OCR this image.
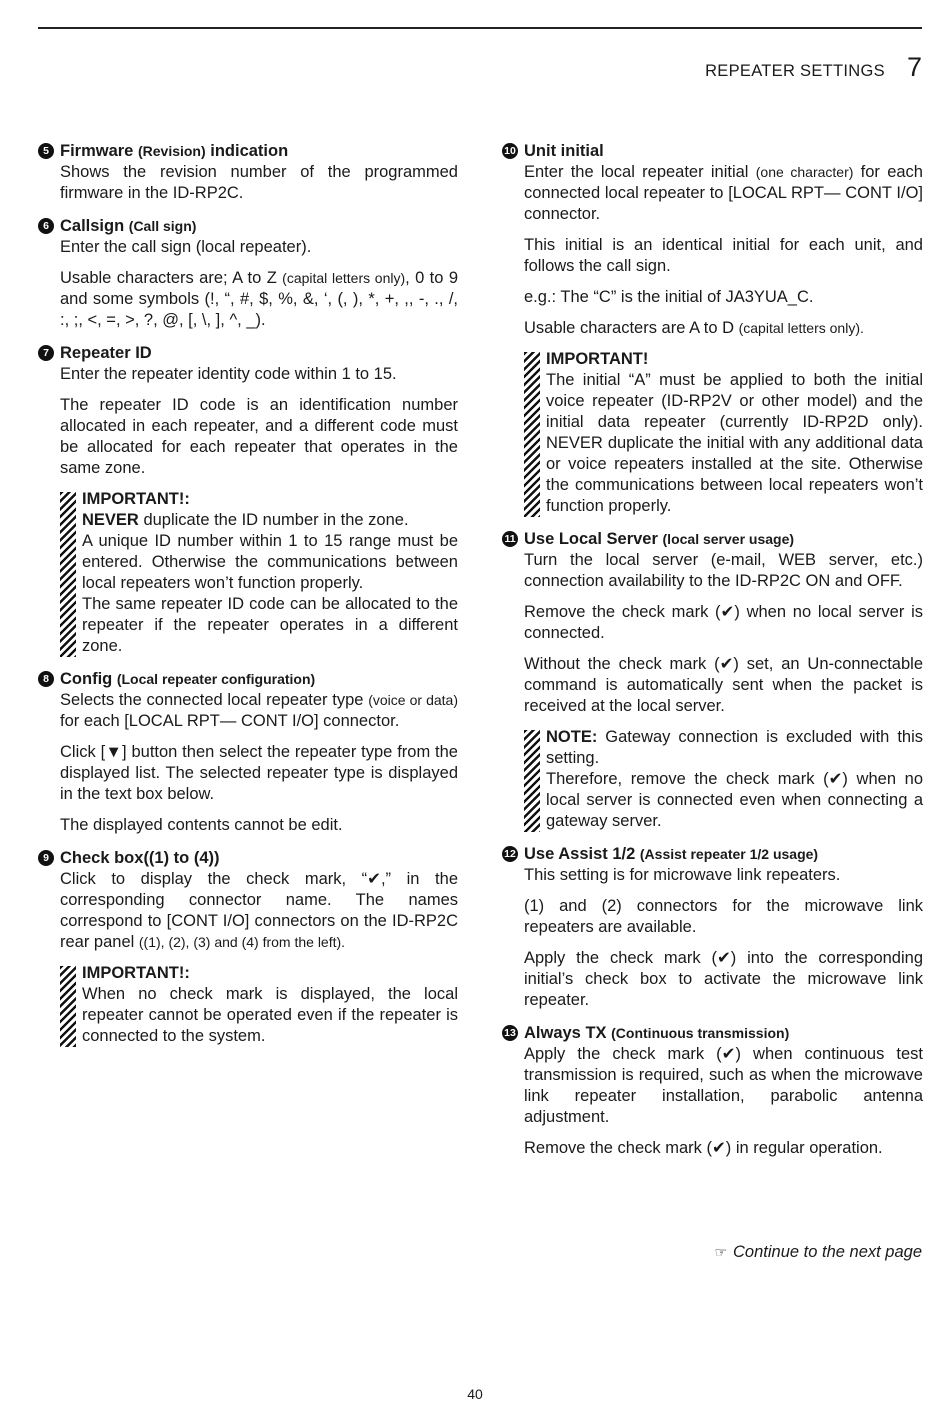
REPEATER SETTINGS 7
5 Firmware (Revision) indication

Shows the revision number of the programmed firmware in the ID-RP2C.

6 Callsign (Call sign)

Enter the call sign (local repeater).

Usable characters are; A to Z (capital letters only), 0 to 9 and some symbols (!, “, #, $, %, &, ‘, (, ), *, +, ,, -, ., /, :, ;, <, =, >, ?, @, [, \, ], ^, _).

7 Repeater ID

Enter the repeater identity code within 1 to 15.

The repeater ID code is an identification number allocated in each repeater, and a different code must be allocated for each repeater that operates in the same zone.

IMPORTANT!:

NEVER duplicate the ID number in the zone.

A unique ID number within 1 to 15 range must be entered. Otherwise the communications between local repeaters won’t function properly.

The same repeater ID code can be allocated to the repeater if the repeater operates in a different zone.

8 Config (Local repeater configuration)

Selects the connected local repeater type (voice or data) for each [LOCAL RPT— CONT I/O] connector.

Click [▼] button then select the repeater type from the displayed list. The selected repeater type is displayed in the text box below.

The displayed contents cannot be edit.

9 Check box((1) to (4))

Click to display the check mark, “✔,” in the corresponding connector name. The names correspond to [CONT I/O] connectors on the ID-RP2C rear panel ((1), (2), (3) and (4) from the left).

IMPORTANT!:

When no check mark is displayed, the local repeater cannot be operated even if the repeater is connected to the system.

10 Unit initial

Enter the local repeater initial (one character) for each connected local repeater to [LOCAL RPT— CONT I/O] connector.

This initial is an identical initial for each unit, and follows the call sign.

e.g.: The “C” is the initial of JA3YUA_C.

Usable characters are A to D (capital letters only).

IMPORTANT!

The initial “A” must be applied to both the initial voice repeater (ID-RP2V or other model) and the initial data repeater (currently ID-RP2D only). NEVER duplicate the initial with any additional data or voice repeaters installed at the site. Otherwise the communications between local repeaters won’t function properly.

11 Use Local Server (local server usage)

Turn the local server (e-mail, WEB server, etc.) connection availability to the ID-RP2C ON and OFF.

Remove the check mark (✔) when no local server is connected.

Without the check mark (✔) set, an Un-connectable command is automatically sent when the packet is received at the local server.

NOTE: Gateway connection is excluded with this setting.

Therefore, remove the check mark (✔) when no local server is connected even when connecting a gateway server.

12 Use Assist 1/2 (Assist repeater 1/2 usage)

This setting is for microwave link repeaters.

(1) and (2) connectors for the microwave link repeaters are available.

Apply the check mark (✔) into the corresponding initial’s check box to activate the microwave link repeater.

13 Always TX (Continuous transmission)

Apply the check mark (✔) when continuous test transmission is required, such as when the microwave link repeater installation, parabolic antenna adjustment.

Remove the check mark (✔) in regular operation.

☞ Continue to the next page
40
